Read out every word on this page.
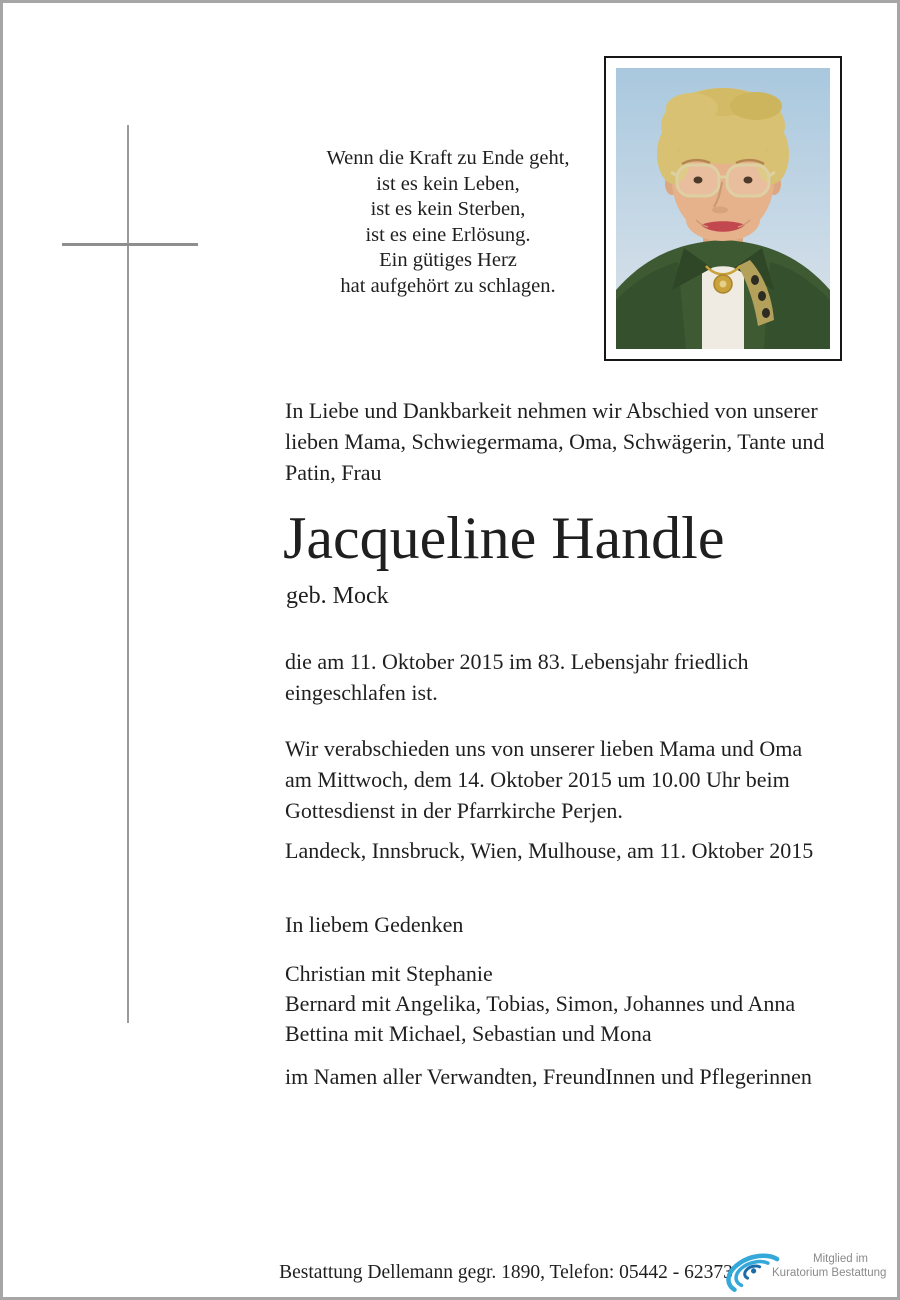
Wenn die Kraft zu Ende geht,
ist es kein Leben,
ist es kein Sterben,
ist es eine Erlösung.
Ein gütiges Herz
hat aufgehört zu schlagen.
In Liebe und Dankbarkeit nehmen wir Abschied von unserer
lieben Mama, Schwiegermama, Oma, Schwägerin, Tante und
Patin, Frau
Jacqueline Handle
geb. Mock
die am 11. Oktober 2015 im 83. Lebensjahr friedlich
eingeschlafen ist.
Wir verabschieden uns von unserer lieben Mama und Oma
am Mittwoch, dem 14. Oktober 2015 um 10.00 Uhr beim
Gottesdienst in der Pfarrkirche Perjen.
Landeck, Innsbruck, Wien, Mulhouse, am 11. Oktober 2015
In liebem Gedenken
Christian mit Stephanie
Bernard mit Angelika, Tobias, Simon, Johannes und Anna
Bettina mit Michael, Sebastian und Mona
im Namen aller Verwandten, FreundInnen und Pflegerinnen
Bestattung Dellemann gegr. 1890, Telefon: 05442 - 62373
Mitglied im
Kuratorium Bestattung
